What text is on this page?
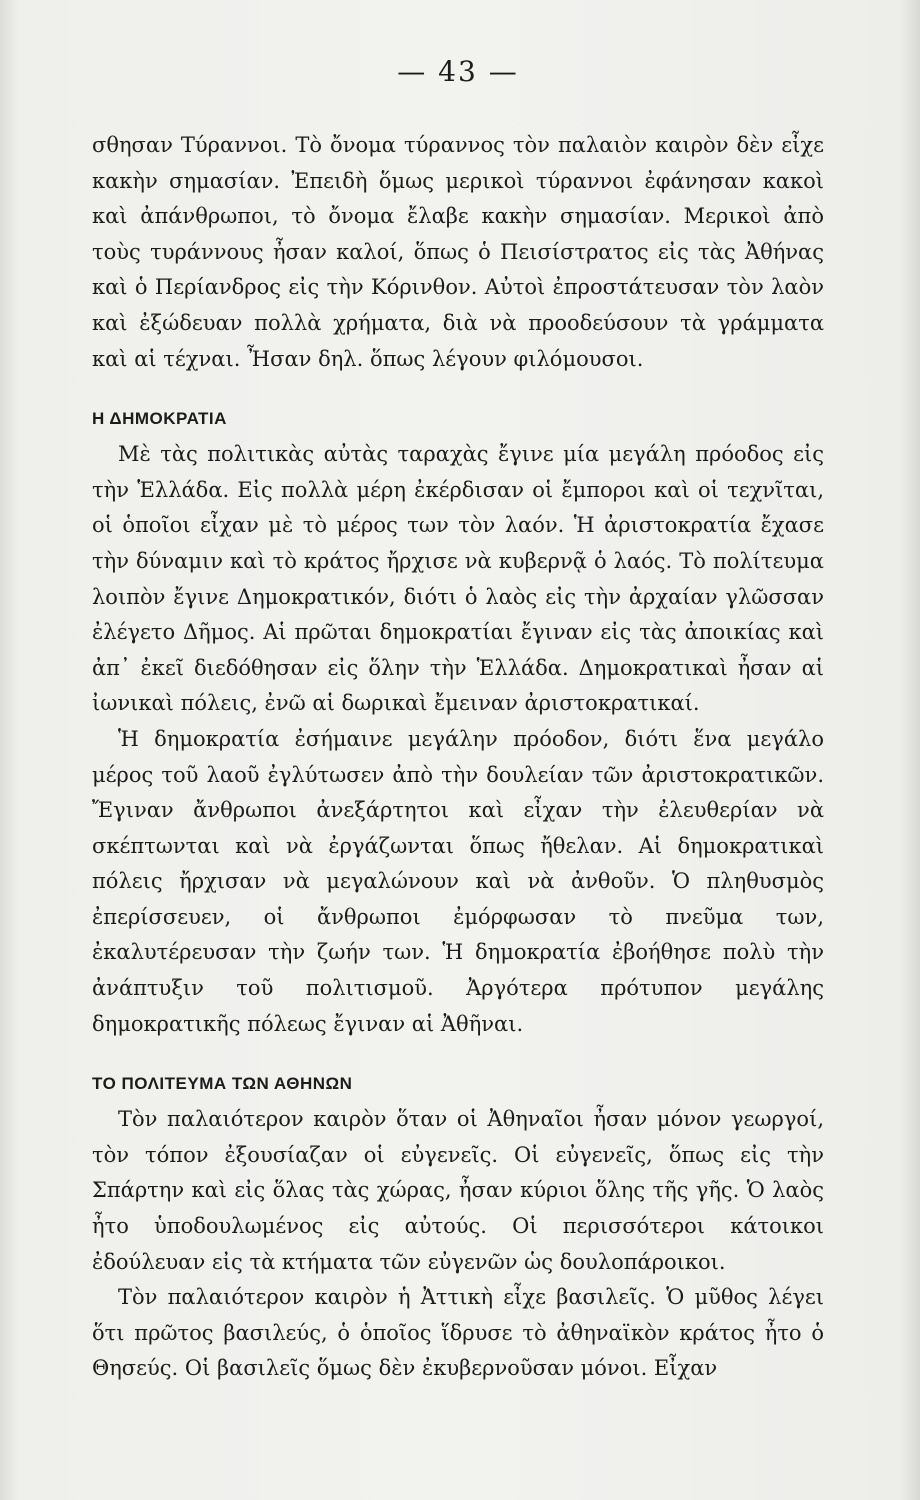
— 43 —

σθησαν Τύραννοι. Τὸ ὄνομα τύραννος τὸν παλαιὸν καιρὸν δὲν εἶχε κακὴν σημασίαν. Ἐπειδὴ ὅμως μερικοὶ τύραννοι ἐφάνησαν κακοὶ καὶ ἀπάνθρωποι, τὸ ὄνομα ἔλαβε κακὴν σημασίαν. Μερικοὶ ἀπὸ τοὺς τυράννους ἦσαν καλοί, ὅπως ὁ Πεισίστρατος εἰς τὰς Ἀθήνας καὶ ὁ Περίανδρος εἰς τὴν Κόρινθον. Αὐτοὶ ἐπροστάτευσαν τὸν λαὸν καὶ ἐξώδευαν πολλὰ χρήματα, διὰ νὰ προοδεύσουν τὰ γράμματα καὶ αἱ τέχναι. Ἦσαν δηλ. ὅπως λέγουν φιλόμουσοι.

Η ΔΗΜΟΚΡΑΤΙΑ

Μὲ τὰς πολιτικὰς αὐτὰς ταραχὰς ἔγινε μία μεγάλη πρόοδος εἰς τὴν Ἑλλάδα. Εἰς πολλὰ μέρη ἐκέρδισαν οἱ ἔμποροι καὶ οἱ τεχνῖται, οἱ ὁποῖοι εἶχαν μὲ τὸ μέρος των τὸν λαόν. Ἡ ἀριστοκρατία ἔχασε τὴν δύναμιν καὶ τὸ κράτος ἤρχισε νὰ κυβερνᾷ ὁ λαός. Τὸ πολίτευμα λοιπὸν ἔγινε Δημοκρατικόν, διότι ὁ λαὸς εἰς τὴν ἀρχαίαν γλῶσσαν ἐλέγετο Δῆμος. Αἱ πρῶται δημοκρατίαι ἔγιναν εἰς τὰς ἀποικίας καὶ ἀπ᾿ ἐκεῖ διεδόθησαν εἰς ὅλην τὴν Ἑλλάδα. Δημοκρατικαὶ ἦσαν αἱ ἰωνικαὶ πόλεις, ἐνῶ αἱ δωρικαὶ ἔμειναν ἀριστοκρατικαί.

Ἡ δημοκρατία ἐσήμαινε μεγάλην πρόοδον, διότι ἕνα μεγάλο μέρος τοῦ λαοῦ ἐγλύτωσεν ἀπὸ τὴν δουλείαν τῶν ἀριστοκρατικῶν. Ἔγιναν ἄνθρωποι ἀνεξάρτητοι καὶ εἶχαν τὴν ἐλευθερίαν νὰ σκέπτωνται καὶ νὰ ἐργάζωνται ὅπως ἤθελαν. Αἱ δημοκρατικαὶ πόλεις ἤρχισαν νὰ μεγαλώνουν καὶ νὰ ἀνθοῦν. Ὁ πληθυσμὸς ἐπερίσσευεν, οἱ ἄνθρωποι ἐμόρφωσαν τὸ πνεῦμα των, ἐκαλυτέρευσαν τὴν ζωήν των. Ἡ δημοκρατία ἐβοήθησε πολὺ τὴν ἀνάπτυξιν τοῦ πολιτισμοῦ. Ἀργότερα πρότυπον μεγάλης δημοκρατικῆς πόλεως ἔγιναν αἱ Ἀθῆναι.

ΤΟ ΠΟΛΙΤΕΥΜΑ ΤΩΝ ΑΘΗΝΩΝ

Τὸν παλαιότερον καιρὸν ὅταν οἱ Ἀθηναῖοι ἦσαν μόνον γεωργοί, τὸν τόπον ἐξουσίαζαν οἱ εὐγενεῖς. Οἱ εὐγενεῖς, ὅπως εἰς τὴν Σπάρτην καὶ εἰς ὅλας τὰς χώρας, ἦσαν κύριοι ὅλης τῆς γῆς. Ὁ λαὸς ἦτο ὑποδουλωμένος εἰς αὐτούς. Οἱ περισσότεροι κάτοικοι ἐδούλευαν εἰς τὰ κτήματα τῶν εὐγενῶν ὡς δουλοπάροικοι.

Τὸν παλαιότερον καιρὸν ἡ Ἀττικὴ εἶχε βασιλεῖς. Ὁ μῦθος λέγει ὅτι πρῶτος βασιλεύς, ὁ ὁποῖος ἵδρυσε τὸ ἀθηναϊκὸν κράτος ἦτο ὁ Θησεύς. Οἱ βασιλεῖς ὅμως δὲν ἐκυβερνοῦσαν μόνοι. Εἶχαν
